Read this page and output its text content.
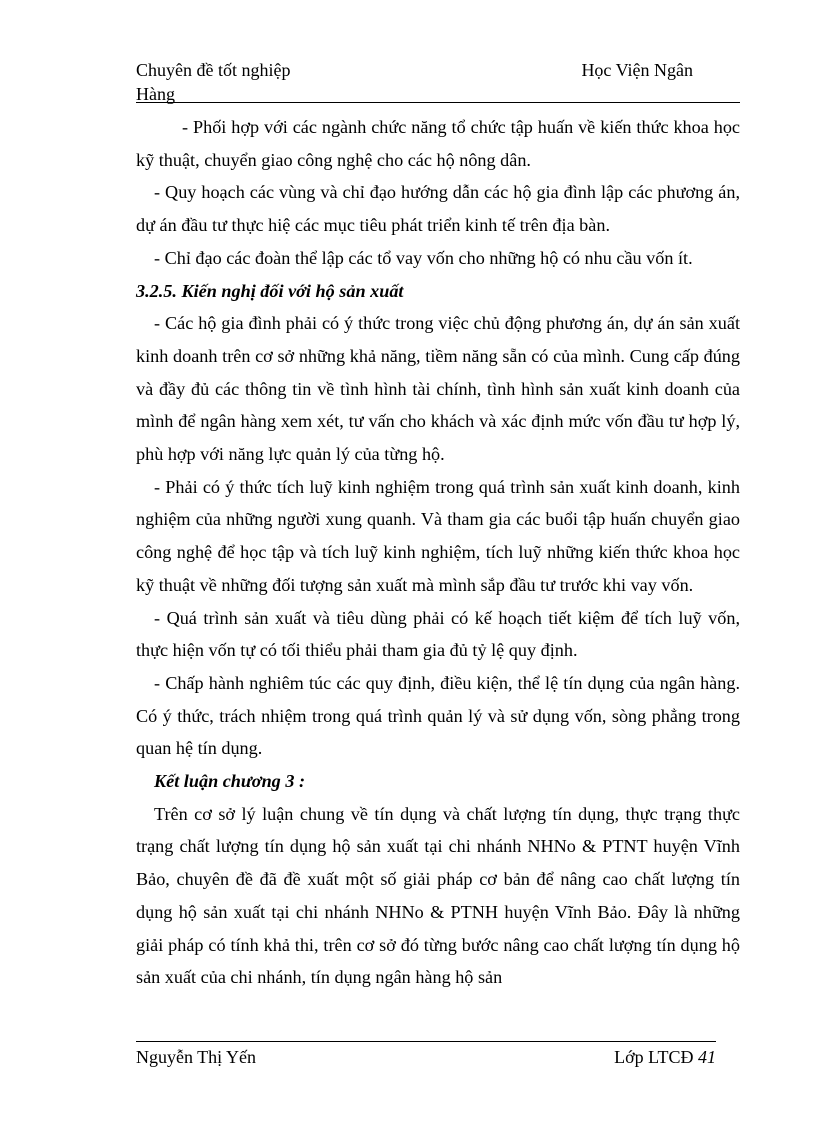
Chuyên đề tốt nghiệp	Học Viện Ngân
Hàng

- Phối hợp với các ngành chức năng tổ chức tập huấn về kiến thức khoa học kỹ thuật, chuyển giao công nghệ cho các hộ nông dân.

- Quy hoạch các vùng và chỉ đạo hướng dẫn các hộ gia đình lập các phương án, dự án đầu tư thực hiệ các mục tiêu phát triển kinh tế trên địa bàn.

- Chỉ đạo các đoàn thể lập các tổ vay vốn cho những hộ có nhu cầu vốn ít.

3.2.5. Kiến nghị đối với hộ sản xuất

- Các hộ gia đình phải có ý thức trong việc chủ động phương án, dự án sản xuất kinh doanh trên cơ sở những khả năng, tiềm năng sẵn có của mình. Cung cấp đúng và đầy đủ các thông tin về tình hình tài chính, tình hình sản xuất kinh doanh của mình để ngân hàng xem xét, tư vấn cho khách và xác định mức vốn đầu tư hợp lý, phù hợp với năng lực quản lý của từng hộ.

- Phải có ý thức tích luỹ kinh nghiệm trong quá trình sản xuất kinh doanh, kinh nghiệm của những người xung quanh. Và tham gia các buổi tập huấn chuyển giao công nghệ để học tập và tích luỹ kinh nghiệm, tích luỹ những kiến thức khoa học kỹ thuật về những đối tượng sản xuất mà mình sắp đầu tư trước khi vay vốn.

- Quá trình sản xuất và tiêu dùng phải có kế hoạch tiết kiệm để tích luỹ vốn, thực hiện vốn tự có tối thiểu phải tham gia đủ tỷ lệ quy định.

- Chấp hành nghiêm túc các quy định, điều kiện, thể lệ tín dụng của ngân hàng. Có ý thức, trách nhiệm trong quá trình quản lý và sử dụng vốn, sòng phẳng trong quan hệ tín dụng.

Kết luận chương 3 :

Trên cơ sở lý luận chung về tín dụng và chất lượng tín dụng, thực trạng thực trạng chất lượng tín dụng hộ sản xuất tại chi nhánh NHNo & PTNT huyện Vĩnh Bảo, chuyên đề đã đề xuất một số giải pháp cơ bản để nâng cao chất lượng tín dụng hộ sản xuất tại chi nhánh NHNo & PTNH huyện Vĩnh Bảo. Đây là những giải pháp có tính khả thi, trên cơ sở đó từng bước nâng cao chất lượng tín dụng hộ sản xuất của chi nhánh, tín dụng ngân hàng hộ sản

Nguyễn Thị Yến	Lớp LTCĐ 41
